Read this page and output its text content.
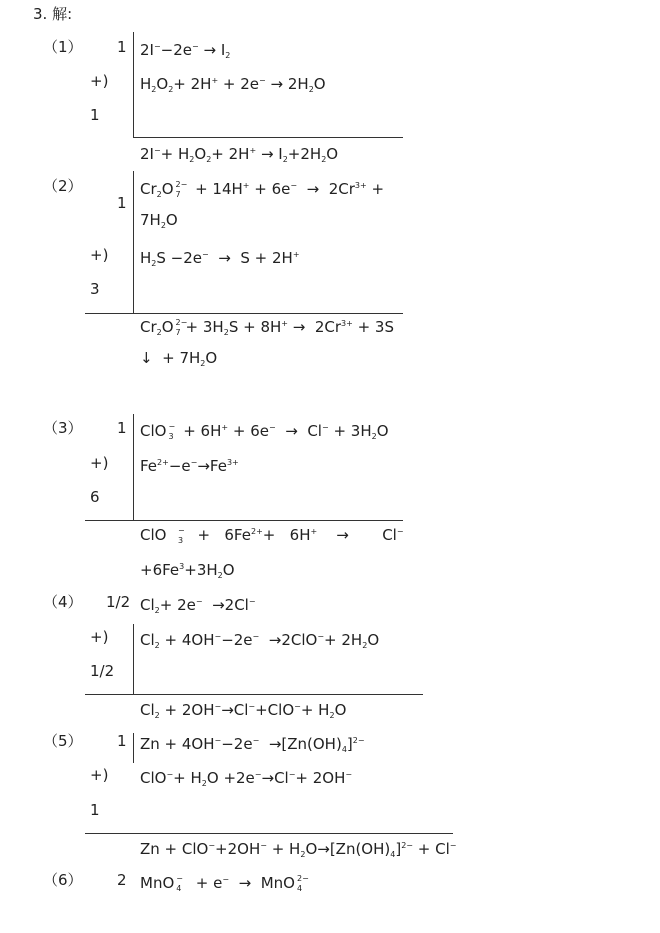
3. 解:
（1） 1
+)
1
$2I^--2e^- \to I_2$
$H_2O_2+ 2H^+ + 2e^- \to 2H_2O$
$2I^-+ H_2O_2+ 2H^+ \to I_2+2H_2O$
（2）
1
+)
3
$Cr_2O$ 2−
$7 + 14H^+ + 6e^- \to 2Cr^{3+}$ +
$7H_2O$
$H_2S -2e^- \to S + 2H^+$
$Cr_2O$ 2−
$7 + 3H_2S + 8H^+ \to 2Cr^{3+} + 3S$
↓  + $7H_2O$
（3） 1
+)
6
ClO −
$3 + 6H^+ + 6e^- \to Cl^- + 3H_2O$
$Fe^{2+}-e^-\to Fe^{3+}$
ClO −
$3 + 6Fe^{2+}+ 6H^+$    →       Cl−
$+6Fe^3+3H_2O$
（4） 1/2 $Cl_2+ 2e^- \to 2Cl^-$
+)
1/2
$Cl_2 + 4OH^--2e^- \to 2ClO^-+ 2H_2O$
$Cl_2 + 2OH^-\to Cl^-+ClO^-+ H_2O$
（5） 1
+)
1
$Zn + 4OH^--2e^- \to[Zn(OH)_4]^{2-}$
$ClO^-+ H_2O +2e^-\to Cl^-+ 2OH^-$
$Zn + ClO^-+2OH^- + H_2O\to[Zn(OH)_4]^{2-} + Cl^-$
（6） 2 MnO −
4 + e−  →  MnO 2−
4
